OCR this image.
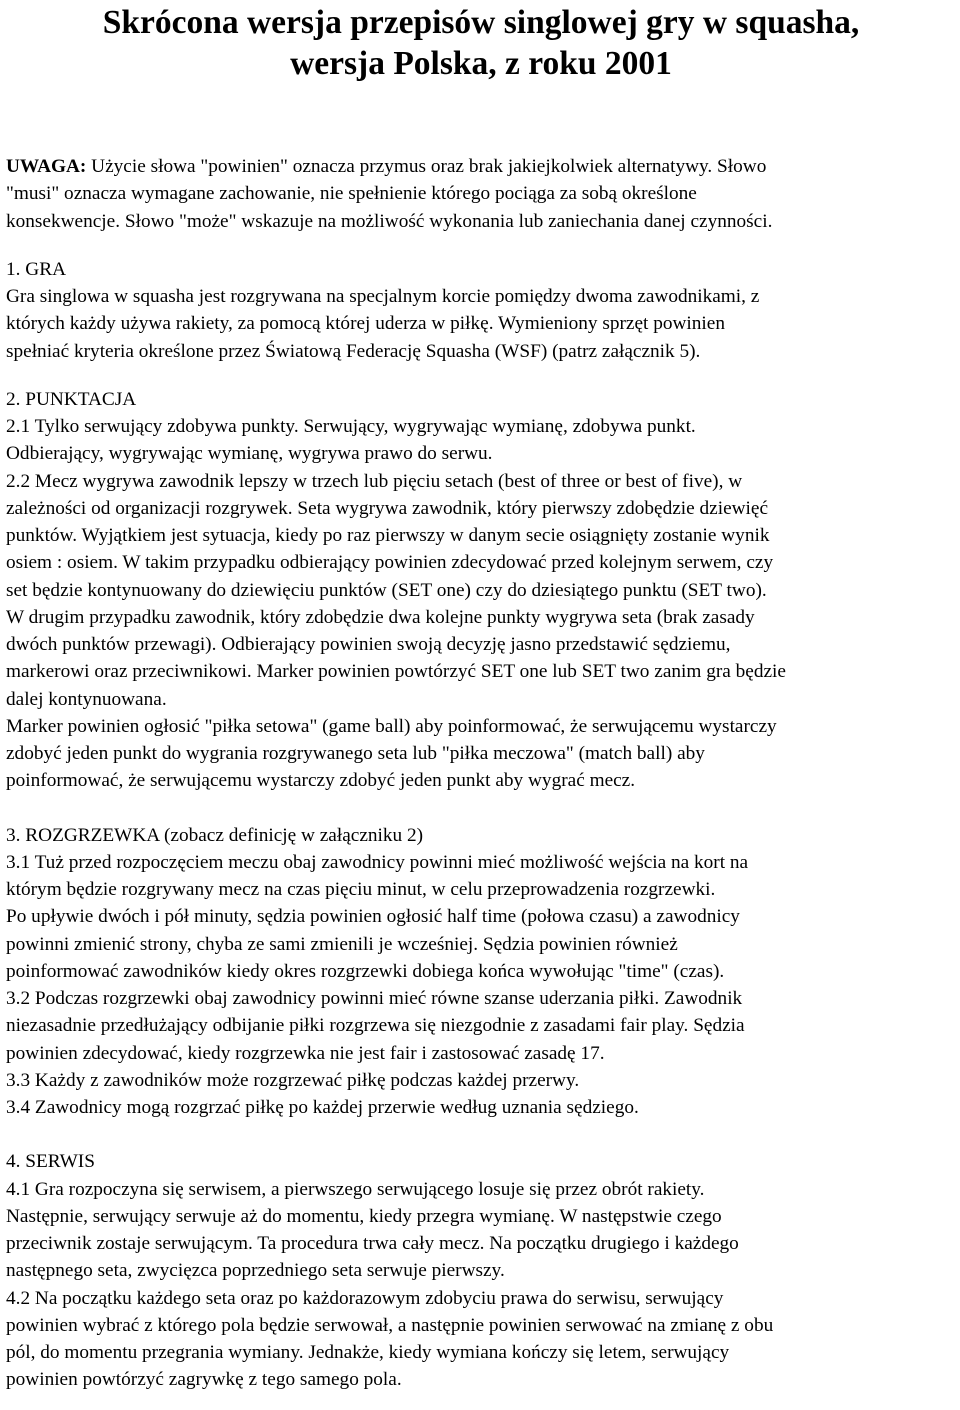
Skrócona wersja przepisów singlowej gry w squasha,
wersja Polska, z roku 2001
UWAGA: Użycie słowa "powinien" oznacza przymus oraz brak jakiejkolwiek alternatywy. Słowo
"musi" oznacza wymagane zachowanie, nie spełnienie którego pociąga za sobą określone
konsekwencje. Słowo "może" wskazuje na możliwość wykonania lub zaniechania danej czynności.
1. GRA
Gra singlowa w squasha jest rozgrywana na specjalnym korcie pomiędzy dwoma zawodnikami, z
których każdy używa rakiety, za pomocą której uderza w piłkę. Wymieniony sprzęt powinien
spełniać kryteria określone przez Światową Federację Squasha (WSF) (patrz załącznik 5).
2. PUNKTACJA
2.1 Tylko serwujący zdobywa punkty. Serwujący, wygrywając wymianę, zdobywa punkt.
Odbierający, wygrywając wymianę, wygrywa prawo do serwu.
2.2 Mecz wygrywa zawodnik lepszy w trzech lub pięciu setach (best of three or best of five), w
zależności od organizacji rozgrywek. Seta wygrywa zawodnik, który pierwszy zdobędzie dziewięć
punktów. Wyjątkiem jest sytuacja, kiedy po raz pierwszy w danym secie osiągnięty zostanie wynik
osiem : osiem. W takim przypadku odbierający powinien zdecydować przed kolejnym serwem, czy
set będzie kontynuowany do dziewięciu punktów (SET one) czy do dziesiątego punktu (SET two).
W drugim przypadku zawodnik, który zdobędzie dwa kolejne punkty wygrywa seta (brak zasady
dwóch punktów przewagi). Odbierający powinien swoją decyzję jasno przedstawić sędziemu,
markerowi oraz przeciwnikowi. Marker powinien powtórzyć SET one lub SET two zanim gra będzie
dalej kontynuowana.
Marker powinien ogłosić "piłka setowa" (game ball) aby poinformować, że serwującemu wystarczy
zdobyć jeden punkt do wygrania rozgrywanego seta lub "piłka meczowa" (match ball) aby
poinformować, że serwującemu wystarczy zdobyć jeden punkt aby wygrać mecz.
3. ROZGRZEWKA (zobacz definicję w załączniku 2)
3.1 Tuż przed rozpoczęciem meczu obaj zawodnicy powinni mieć możliwość wejścia na kort na
którym będzie rozgrywany mecz na czas pięciu minut, w celu przeprowadzenia rozgrzewki.
Po upływie dwóch i pół minuty, sędzia powinien ogłosić half time (połowa czasu) a zawodnicy
powinni zmienić strony, chyba ze sami zmienili je wcześniej. Sędzia powinien również
poinformować zawodników kiedy okres rozgrzewki dobiega końca wywołując "time" (czas).
3.2 Podczas rozgrzewki obaj zawodnicy powinni mieć równe szanse uderzania piłki. Zawodnik
niezasadnie przedłużający odbijanie piłki rozgrzewa się niezgodnie z zasadami fair play. Sędzia
powinien zdecydować, kiedy rozgrzewka nie jest fair i zastosować zasadę 17.
3.3 Każdy z zawodników może rozgrzewać piłkę podczas każdej przerwy.
3.4 Zawodnicy mogą rozgrzać piłkę po każdej przerwie według uznania sędziego.
4. SERWIS
4.1 Gra rozpoczyna się serwisem, a pierwszego serwującego losuje się przez obrót rakiety.
Następnie, serwujący serwuje aż do momentu, kiedy przegra wymianę. W następstwie czego
przeciwnik zostaje serwującym. Ta procedura trwa cały mecz. Na początku drugiego i każdego
następnego seta, zwycięzca poprzedniego seta serwuje pierwszy.
4.2 Na początku każdego seta oraz po każdorazowym zdobyciu prawa do serwisu, serwujący
powinien wybrać z którego pola będzie serwował, a następnie powinien serwować na zmianę z obu
pól, do momentu przegrania wymiany. Jednakże, kiedy wymiana kończy się letem, serwujący
powinien powtórzyć zagrywkę z tego samego pola.
